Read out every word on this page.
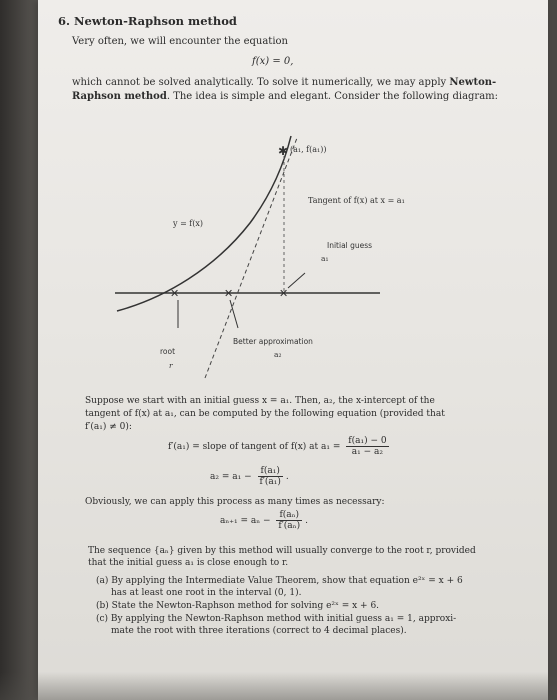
6. Newton-Raphson method
Very often, we will encounter the equation
f(x) = 0,
which cannot be solved analytically. To solve it numerically, we may apply Newton-
Raphson method. The idea is simple and elegant. Consider the following diagram:
✱
✕	✕	✕
(a₁, f(a₁))
Tangent of f(x) at x = a₁
y = f(x)
Initial guess
a₁
Better approximation
a₂
root
r
Suppose we start with an initial guess x = a₁. Then, a₂, the x-intercept of the
tangent of f(x) at a₁, can be computed by the following equation (provided that
f′(a₁) ≠ 0):
f′(a₁) = slope of tangent of f(x) at $a_1 = \frac{\text{f(a₁) − 0}}{\text{a₁ − a₂}}$
$a_2 = a_1 - \frac{\text{f(a₁)}}{\text{f′(a₁)}}$ .
Obviously, we can apply this process as many times as necessary:
$a_{n+1} = a_n - \frac{\text{f(aₙ)}}{\text{f′(aₙ)}}$ .
The sequence {aₙ} given by this method will usually converge to the root r, provided
that the initial guess a₁ is close enough to r.
(a) By applying the Intermediate Value Theorem, show that equation e²ˣ = x + 6
has at least one root in the interval (0, 1).
(b) State the Newton-Raphson method for solving e²ˣ = x + 6.
(c) By applying the Newton-Raphson method with initial guess a₁ = 1, approxi-
mate the root with three iterations (correct to 4 decimal places).
